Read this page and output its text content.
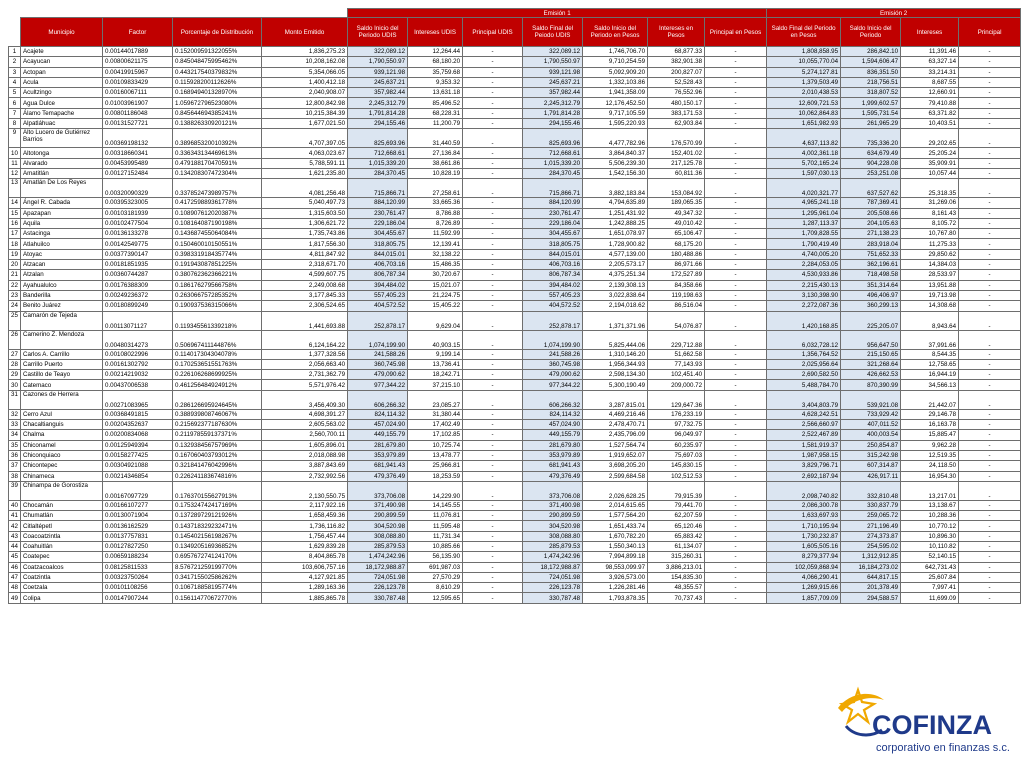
					Emisión 1							Emisión 2				
	Municipio	Factor	Porcentaje de Distribución	Monto Emitido	Saldo Inicio del Periodo UDIS	Intereses UDIS	Principal UDIS	Saldo Final del Peiodo UDIS	Saldo Inicio del Periodo en Pesos	Intereses en Pesos	Principal en Pesos	Saldo Final del Periodo en Pesos	Saldo Inicio del Periodo	Intereses	Principal	
1	Acajete	0.00144017889	0.152009591322055%	1,836,275.23	322,089.12	12,264.44	-	322,089.12	1,746,706.70	68,877.33	-	1,808,858.95	286,842.10	11,391.46	-	
2	Acayucan	0.00800621175	0.845048475995462%	10,208,162.08	1,790,550.97	68,180.20	-	1,790,550.97	9,710,254.59	382,901.38	-	10,055,770.04	1,594,606.47	63,327.14	-	
3	Actopan	0.00419915967	0.443217540379832%	5,354,066.05	939,121.98	35,759.68	-	939,121.98	5,092,909.20	200,827.07	-	5,274,127.81	836,351.50	33,214.31	-	
4	Acula	0.00109833429	0.115928200112626%	1,400,412.18	245,637.21	9,353.32	-	245,637.21	1,332,103.86	52,528.43	-	1,379,503.49	218,756.51	8,687.55	-	
5	Acultzingo	0.00160067111	0.168949401328970%	2,040,908.07	357,982.44	13,631.18	-	357,982.44	1,941,358.09	76,552.96	-	2,010,438.53	318,807.52	12,660.91	-	
6	Agua Dulce	0.01003961907	1.059672796523080%	12,800,842.98	2,245,312.79	85,496.52	-	2,245,312.79	12,176,452.50	480,150.17	-	12,609,721.53	1,999,602.57	79,410.88	-	
7	Álamo Temapache	0.00801186048	0.845644694385241%	10,215,384.39	1,791,814.28	68,228.31	-	1,791,814.28	9,717,105.59	383,171.53	-	10,062,864.83	1,595,731.54	63,371.82	-	
8	Alpatláhuac	0.00131527721	0.138826330920121%	1,677,021.50	294,155.46	11,200.79	-	294,155.46	1,595,220.93	62,903.84	-	1,651,982.93	261,965.29	10,403.51	-	
9	Alto Lucero de Gutiérrez Barrios	0.00369198132	0.389685320010392%	4,707,397.05	825,693.96	31,440.59	-	825,693.96	4,477,782.96	176,570.99	-	4,637,113.82	735,336.20	29,202.65	-	
10	Altotonga	0.00318660341	0.336343134469613%	4,063,023.67	712,668.61	27,136.84	-	712,668.61	3,864,840.37	152,401.02	-	4,002,361.18	634,679.49	25,205.24	-	
11	Alvarado	0.00453995489	0.479188170470591%	5,788,591.11	1,015,339.20	38,661.86	-	1,015,339.20	5,506,239.30	217,125.78	-	5,702,165.24	904,228.08	35,909.91	-	
12	Amatitlán	0.00127152484	0.134208307472304%	1,621,235.80	284,370.45	10,828.19	-	284,370.45	1,542,156.30	60,811.36	-	1,597,030.13	253,251.08	10,057.44	-	
13	Amatlán De Los Reyes	0.00320090329	0.337852473989757%	4,081,256.48	715,866.71	27,258.61	-	715,866.71	3,882,183.84	153,084.92	-	4,020,321.77	637,527.62	25,318.35	-	
14	Ángel R. Cabada	0.00395323005	0.417259889361778%	5,040,497.73	884,120.99	33,665.36	-	884,120.99	4,794,635.89	189,065.35	-	4,965,241.18	787,369.41	31,269.06	-	
15	Apazapan	0.00103181939	0.108907612020387%	1,315,603.50	230,761.47	8,786.88	-	230,761.47	1,251,431.92	49,347.32	-	1,295,961.04	205,508.66	8,161.43	-	
16	Aquila	0.00102477504	0.108164087190198%	1,306,621.72	229,186.04	8,726.89	-	229,186.04	1,242,888.25	49,010.42	-	1,287,113.37	204,105.63	8,105.72	-	
17	Astacinga	0.00136133278	0.143687455064084%	1,735,743.86	304,455.67	11,592.99	-	304,455.67	1,651,078.97	65,106.47	-	1,709,828.55	271,138.23	10,767.80	-	
18	Atlahuilco	0.00142549775	0.150460010150551%	1,817,556.30	318,805.75	12,139.41	-	318,805.75	1,728,900.82	68,175.20	-	1,790,419.49	283,918.04	11,275.33	-	
19	Atoyac	0.00377390147	0.398331918435774%	4,811,847.92	844,015.01	32,138.22	-	844,015.01	4,577,139.00	180,488.86	-	4,740,005.20	751,652.33	29,850.62	-	
20	Atzacan	0.00181851935	0.191943087851225%	2,318,671.70	406,703.16	15,486.35	-	406,703.16	2,205,573.17	86,971.66	-	2,284,053.05	362,196.61	14,384.03	-	
21	Atzalan	0.00360744287	0.380762362366221%	4,599,607.75	806,787.34	30,720.67	-	806,787.34	4,375,251.34	172,527.89	-	4,530,933.86	718,498.58	28,533.97	-	
22	Ayahualulco	0.00176388309	0.186176279566758%	2,249,008.68	394,484.02	15,021.07	-	394,484.02	2,139,308.13	84,358.66	-	2,215,430.13	351,314.64	13,951.88	-	
23	Banderilla	0.00249236372	0.263066757285352%	3,177,845.33	557,405.23	21,224.75	-	557,405.23	3,022,838.64	119,198.63	-	3,130,398.90	496,406.97	19,713.98	-	
24	Benito Juárez	0.00180899249	0.190937536315066%	2,306,524.65	404,572.52	15,405.22	-	404,572.52	2,194,018.62	86,516.04	-	2,272,087.36	360,299.13	14,308.68	-	
25	Camarón de Tejeda	0.00113071127	0.119345561339218%	1,441,693.88	252,878.17	9,629.04	-	252,878.17	1,371,371.96	54,076.87	-	1,420,168.85	225,205.07	8,943.64	-	
26	Camerino Z. Mendoza	0.00480314273	0.506967411144876%	6,124,164.22	1,074,199.90	40,903.15	-	1,074,199.90	5,825,444.06	229,712.88	-	6,032,728.12	956,647.50	37,991.66	-	
27	Carlos A. Carrillo	0.00108022996	0.114017304304078%	1,377,328.56	241,588.26	9,199.14	-	241,588.26	1,310,146.20	51,662.58	-	1,356,764.52	215,150.65	8,544.35	-	
28	Carrillo Puerto	0.00161302792	0.170253651551763%	2,056,663.40	360,745.98	13,736.41	-	360,745.98	1,956,344.93	77,143.93	-	2,025,956.64	321,268.64	12,758.65	-	
29	Castillo de Teayo	0.00214219032	0.226106268699925%	2,731,362.79	479,090.62	18,242.71	-	479,090.62	2,598,134.30	102,451.40	-	2,690,582.50	426,662.53	16,944.19	-	
30	Catemaco	0.00437006538	0.461256484924912%	5,571,976.42	977,344.22	37,215.10	-	977,344.22	5,300,190.49	209,000.72	-	5,488,784.70	870,390.99	34,566.13	-	
31	Cazones de Herrera	0.00271083965	0.286126695924645%	3,456,409.30	606,266.32	23,085.27	-	606,266.32	3,287,815.01	129,647.36	-	3,404,803.79	539,921.08	21,442.07	-	
32	Cerro Azul	0.00368491815	0.388939808746067%	4,698,391.27	824,114.32	31,380.44	-	824,114.32	4,469,216.46	176,233.19	-	4,628,242.51	733,929.42	29,146.78	-	
33	Chacaltianguis	0.00204352637	0.215692377187630%	2,605,563.02	457,024.90	17,402.49	-	457,024.90	2,478,470.71	97,732.75	-	2,566,660.97	407,011.52	16,163.78	-	
34	Chalma	0.00200834068	0.211978559137371%	2,560,700.11	449,155.79	17,102.85	-	449,155.79	2,435,796.09	96,049.97	-	2,522,467.89	400,003.54	15,885.47	-	
35	Chiconamel	0.00125949394	0.132938456757969%	1,605,896.01	281,679.80	10,725.74	-	281,679.80	1,527,564.74	60,235.97	-	1,581,919.37	250,854.87	9,962.28	-	
36	Chiconquiaco	0.00158277425	0.167060403793012%	2,018,088.98	353,979.89	13,478.77	-	353,979.89	1,919,652.07	75,697.03	-	1,987,958.15	315,242.98	12,519.35	-	
37	Chicontepec	0.00304921088	0.321841476042996%	3,887,843.69	681,941.43	25,966.81	-	681,941.43	3,698,205.20	145,830.15	-	3,829,796.71	607,314.87	24,118.50	-	
38	Chinameca	0.00214346854	0.226241183674816%	2,732,992.56	479,376.49	18,253.59	-	479,376.49	2,599,684.58	102,512.53	-	2,692,187.94	426,917.11	16,954.30	-	
39	Chinampa de Gorostiza	0.00167097729	0.176370155627913%	2,130,550.75	373,706.08	14,229.90	-	373,706.08	2,026,628.25	79,915.39	-	2,098,740.82	332,810.48	13,217.01	-	
40	Chocamán	0.00166107277	0.175324742417169%	2,117,922.16	371,490.98	14,145.55	-	371,490.98	2,014,615.65	79,441.70	-	2,086,300.78	330,837.79	13,138.67	-	
41	Chumatlán	0.00130071904	0.137289729121926%	1,658,459.36	290,899.59	11,076.81	-	290,899.59	1,577,564.20	62,207.59	-	1,633,697.93	259,065.72	10,288.36	-	
42	Citlaltépetl	0.00136162529	0.143718329232471%	1,736,116.82	304,520.98	11,595.48	-	304,520.98	1,651,433.74	65,120.46	-	1,710,195.94	271,196.49	10,770.12	-	
43	Coacoatzintla	0.00137757831	0.145402156198267%	1,756,457.44	308,088.80	11,731.34	-	308,088.80	1,670,782.20	65,883.42	-	1,730,232.87	274,373.87	10,896.30	-	
44	Coahuitlán	0.00127827250	0.134920516936852%	1,629,839.28	285,879.53	10,885.66	-	285,879.53	1,550,340.13	61,134.07	-	1,605,505.16	254,595.02	10,110.82	-	
45	Coatepec	0.00659188234	0.695767274124170%	8,404,865.78	1,474,242.96	56,135.90	-	1,474,242.96	7,994,899.18	315,260.31	-	8,279,377.94	1,312,912.85	52,140.15	-	
46	Coatzacoalcos	0.08125811533	8.576721259199770%	103,606,757.16	18,172,988.87	691,987.03	-	18,172,988.87	98,553,099.97	3,886,213.01	-	102,059,868.94	16,184,273.02	642,731.43	-	
47	Coatzintla	0.00323750264	0.341715502586262%	4,127,921.85	724,051.98	27,570.29	-	724,051.98	3,926,573.00	154,835.30	-	4,066,290.41	644,817.15	25,607.84	-	
48	Coetzala	0.00101108256	0.106718858195774%	1,289,163.36	226,123.78	8,610.29	-	226,123.78	1,226,281.46	48,355.57	-	1,269,915.66	201,378.49	7,997.41	-	
49	Colipa	0.00147907244	0.156114770672770%	1,885,865.78	330,787.48	12,595.65	-	330,787.48	1,793,878.35	70,737.43	-	1,857,709.09	294,588.57	11,699.09	-	
COFINZA
corporativo en finanzas s.c.
